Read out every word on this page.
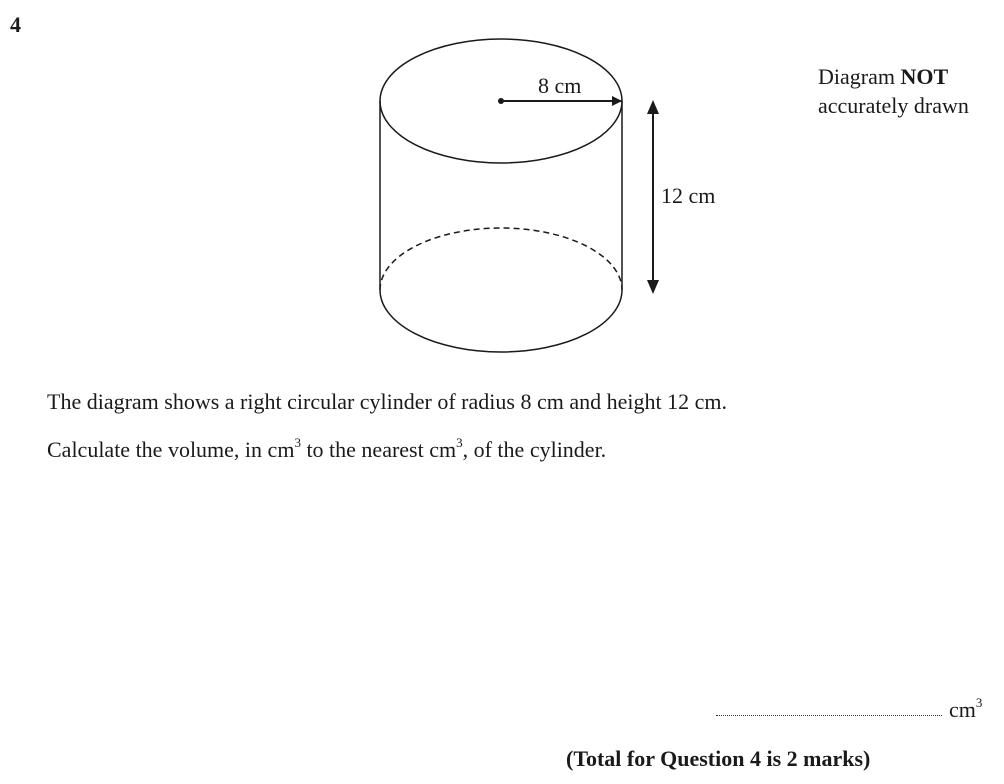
4
8 cm
12 cm
Diagram NOT
accurately drawn
The diagram shows a right circular cylinder of radius 8 cm and height 12 cm.
Calculate the volume, in $cm^3$ to the nearest $cm^3$, of the cylinder.
$cm^3$
(Total for Question 4 is 2 marks)
